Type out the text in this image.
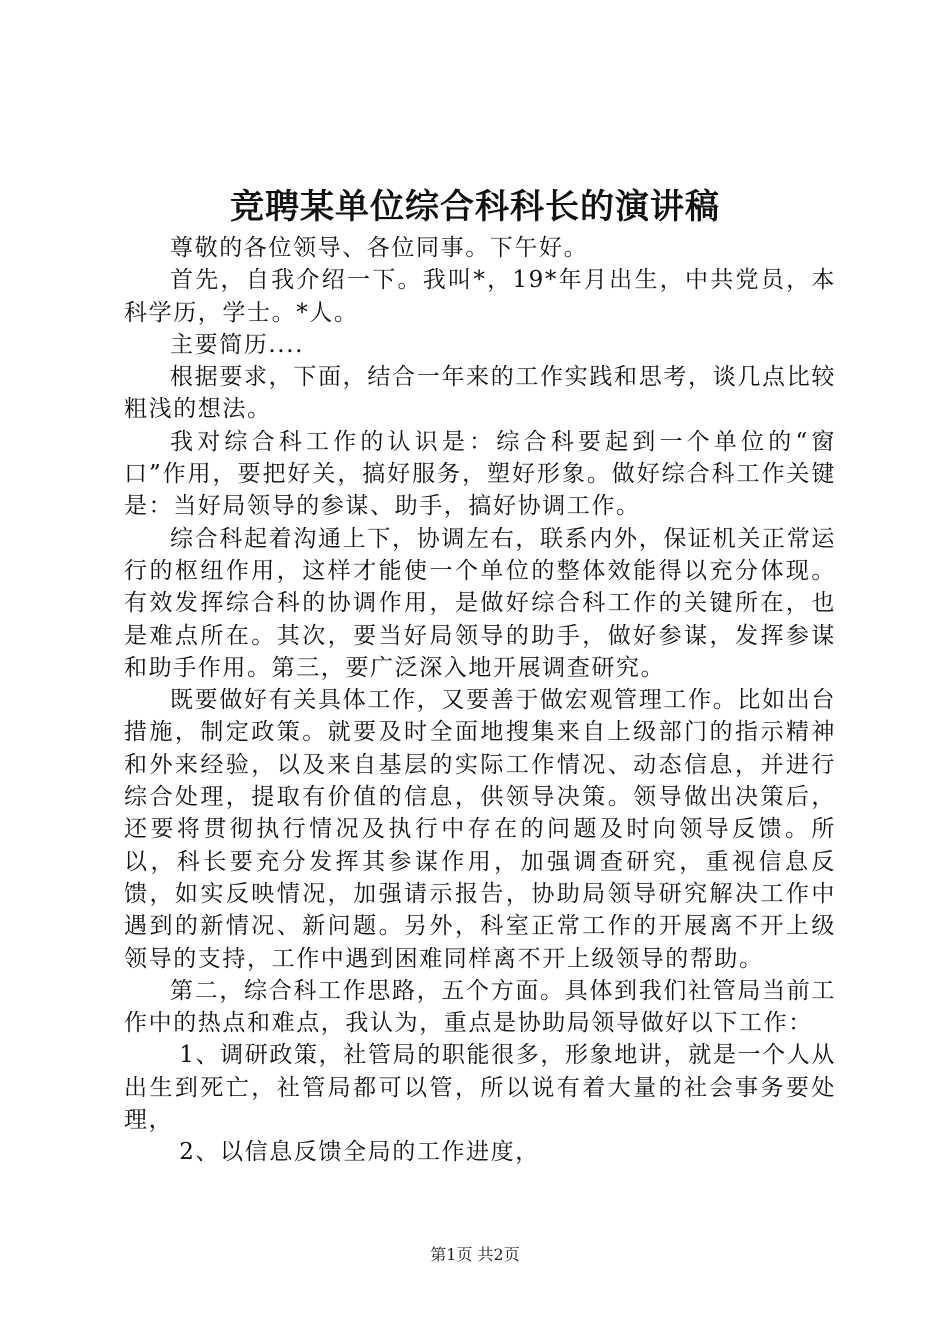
竞聘某单位综合科科长的演讲稿

尊敬的各位领导、各位同事。下午好。

首先，自我介绍一下。我叫*，19*年月出生，中共党员，本科学历，学士。*人。

主要简历....

根据要求，下面，结合一年来的工作实践和思考，谈几点比较粗浅的想法。

我对综合科工作的认识是：综合科要起到一个单位的“窗口”作用，要把好关，搞好服务，塑好形象。做好综合科工作关键是：当好局领导的参谋、助手，搞好协调工作。

综合科起着沟通上下，协调左右，联系内外，保证机关正常运行的枢纽作用，这样才能使一个单位的整体效能得以充分体现。有效发挥综合科的协调作用，是做好综合科工作的关键所在，也是难点所在。其次，要当好局领导的助手，做好参谋，发挥参谋和助手作用。第三，要广泛深入地开展调查研究。

既要做好有关具体工作，又要善于做宏观管理工作。比如出台措施，制定政策。就要及时全面地搜集来自上级部门的指示精神和外来经验，以及来自基层的实际工作情况、动态信息，并进行综合处理，提取有价值的信息，供领导决策。领导做出决策后，还要将贯彻执行情况及执行中存在的问题及时向领导反馈。所以，科长要充分发挥其参谋作用，加强调查研究，重视信息反馈，如实反映情况，加强请示报告，协助局领导研究解决工作中遇到的新情况、新问题。另外，科室正常工作的开展离不开上级领导的支持，工作中遇到困难同样离不开上级领导的帮助。

第二，综合科工作思路，五个方面。具体到我们社管局当前工作中的热点和难点，我认为，重点是协助局领导做好以下工作：

1、调研政策，社管局的职能很多，形象地讲，就是一个人从出生到死亡，社管局都可以管，所以说有着大量的社会事务要处理，

2、以信息反馈全局的工作进度，

第1页 共2页
